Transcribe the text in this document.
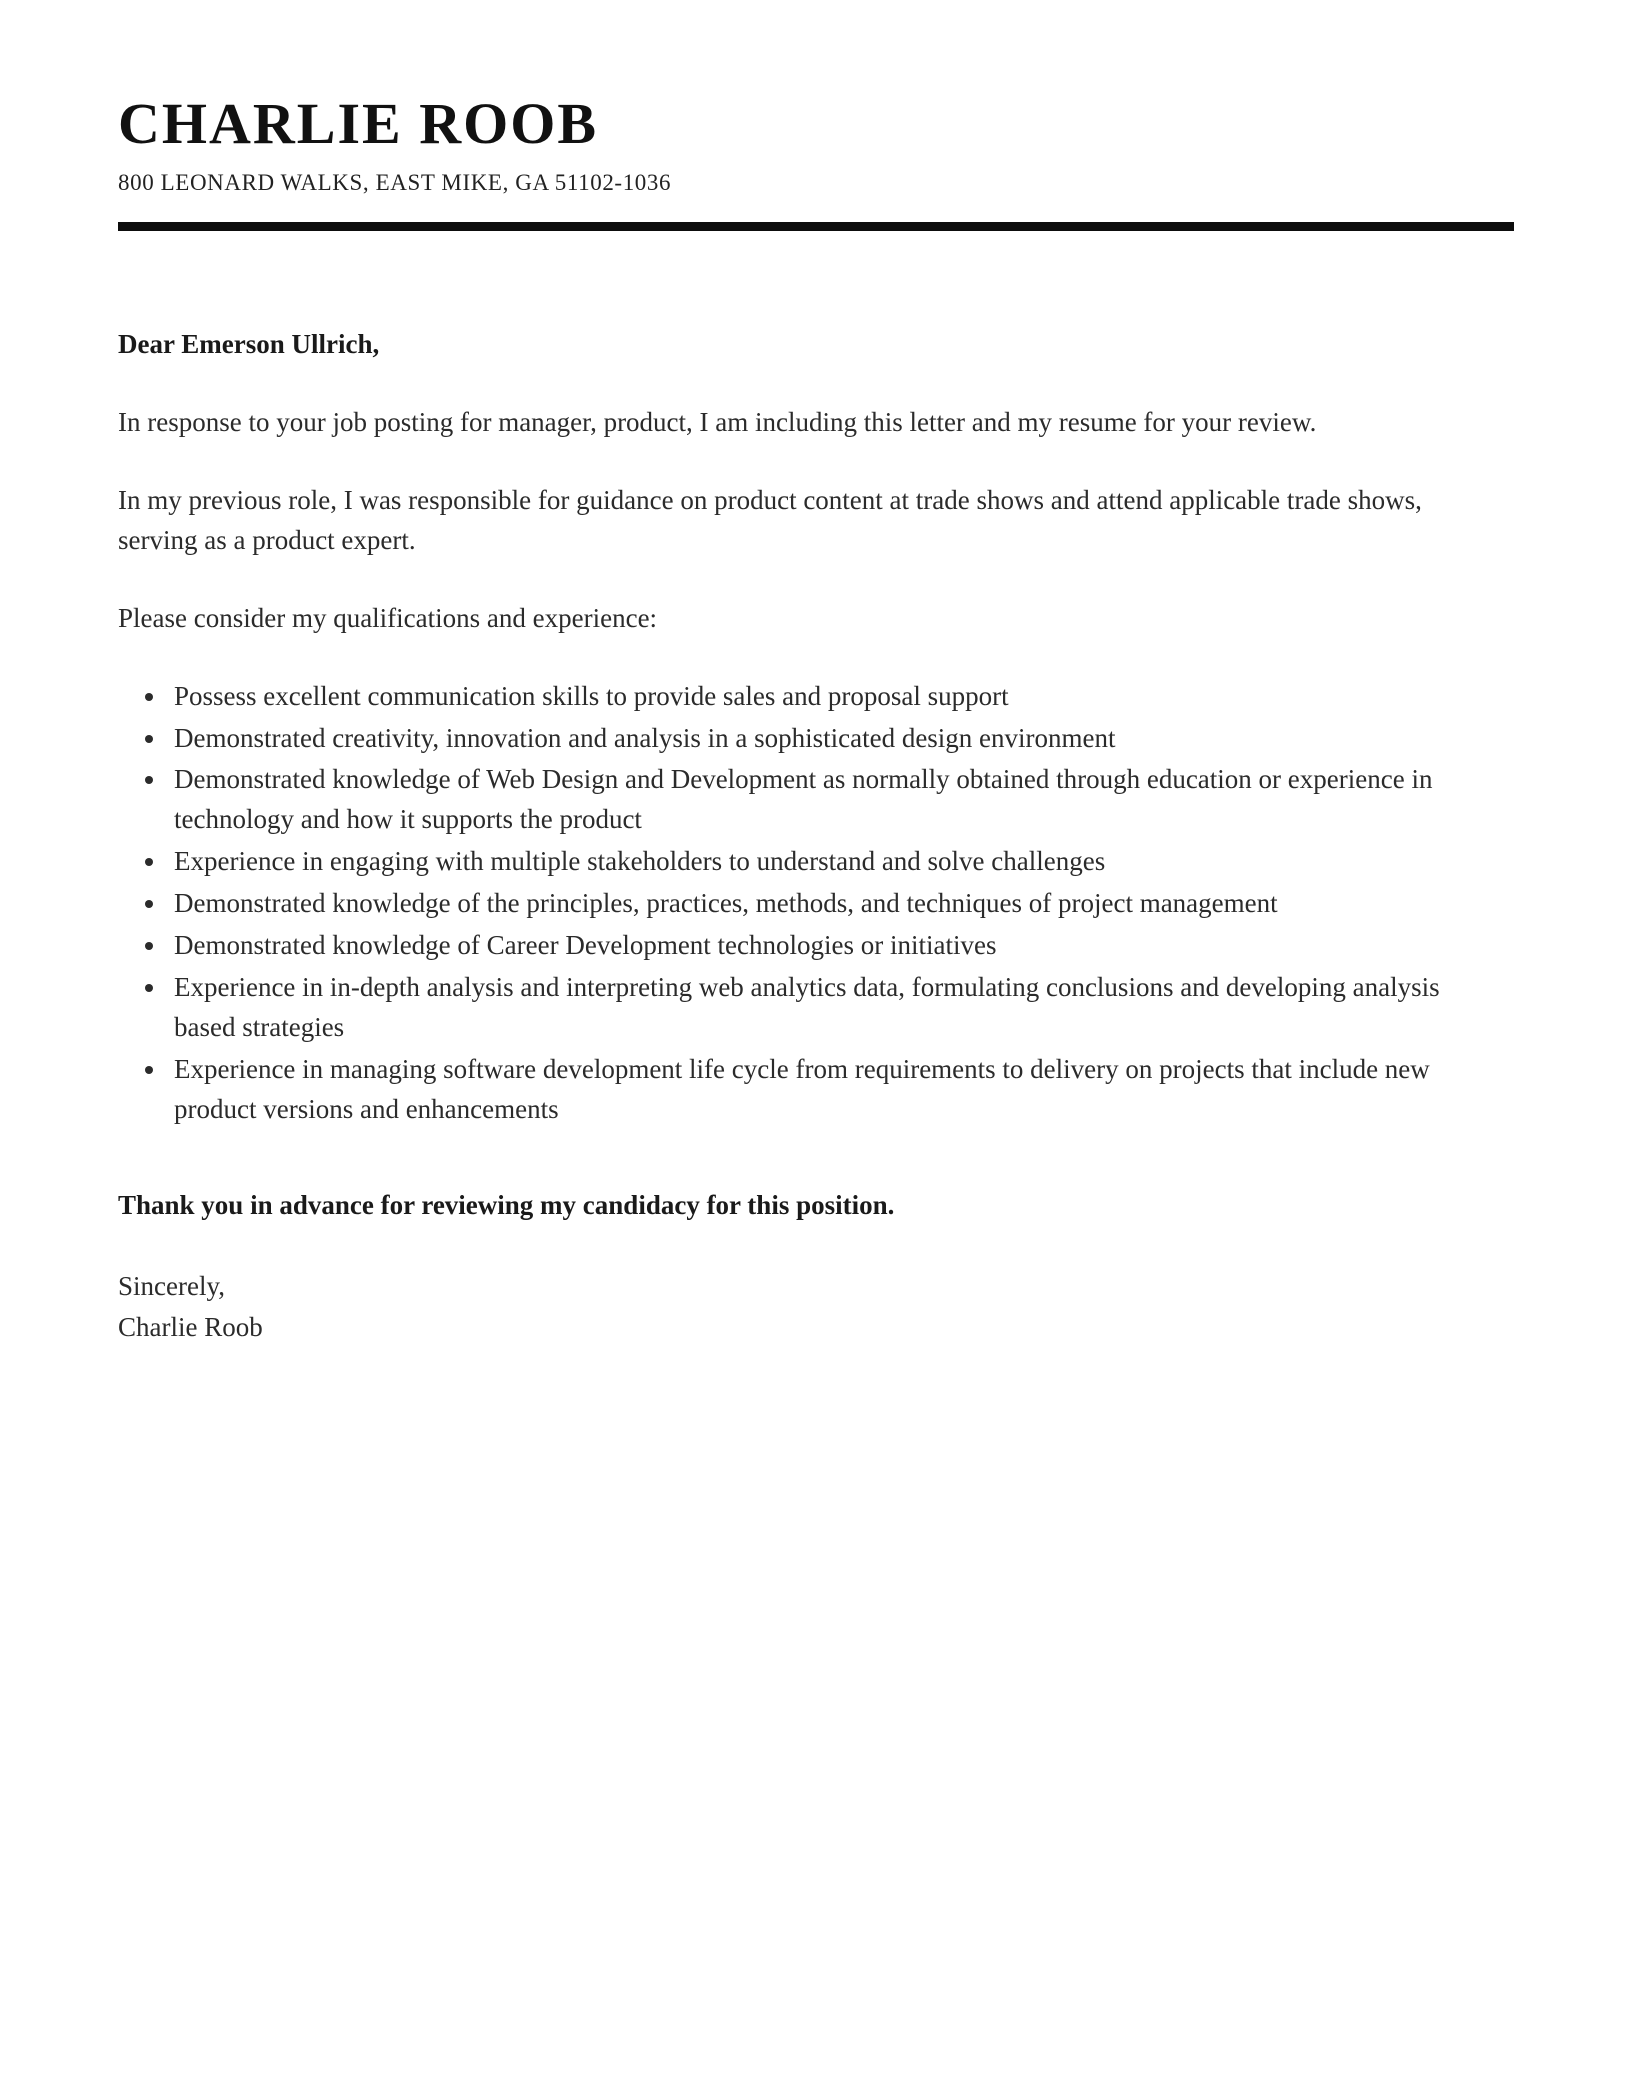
CHARLIE ROOB
800 LEONARD WALKS, EAST MIKE, GA 51102-1036
Dear Emerson Ullrich,
In response to your job posting for manager, product, I am including this letter and my resume for your review.
In my previous role, I was responsible for guidance on product content at trade shows and attend applicable trade shows, serving as a product expert.
Please consider my qualifications and experience:
• Possess excellent communication skills to provide sales and proposal support
• Demonstrated creativity, innovation and analysis in a sophisticated design environment
• Demonstrated knowledge of Web Design and Development as normally obtained through education or experience in technology and how it supports the product
• Experience in engaging with multiple stakeholders to understand and solve challenges
• Demonstrated knowledge of the principles, practices, methods, and techniques of project management
• Demonstrated knowledge of Career Development technologies or initiatives
• Experience in in-depth analysis and interpreting web analytics data, formulating conclusions and developing analysis based strategies
• Experience in managing software development life cycle from requirements to delivery on projects that include new product versions and enhancements
Thank you in advance for reviewing my candidacy for this position.
Sincerely,
Charlie Roob
